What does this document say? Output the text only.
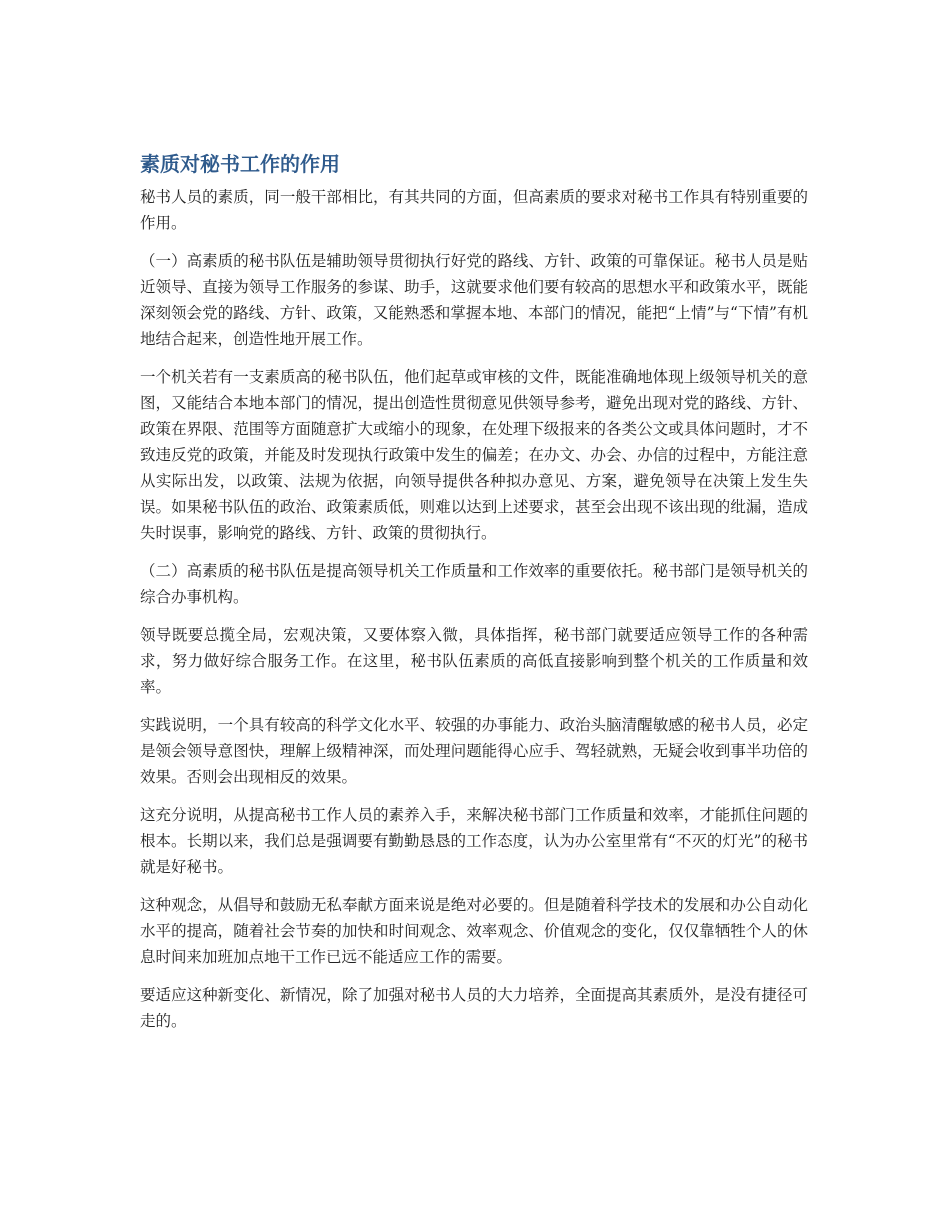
素质对秘书工作的作用

秘书人员的素质，同一般干部相比，有其共同的方面，但高素质的要求对秘书工作具有特别重要的作用。

（一）高素质的秘书队伍是辅助领导贯彻执行好党的路线、方针、政策的可靠保证。秘书人员是贴近领导、直接为领导工作服务的参谋、助手，这就要求他们要有较高的思想水平和政策水平，既能深刻领会党的路线、方针、政策，又能熟悉和掌握本地、本部门的情况，能把“上情”与“下情”有机地结合起来，创造性地开展工作。

一个机关若有一支素质高的秘书队伍，他们起草或审核的文件，既能准确地体现上级领导机关的意图，又能结合本地本部门的情况，提出创造性贯彻意见供领导参考，避免出现对党的路线、方针、政策在界限、范围等方面随意扩大或缩小的现象，在处理下级报来的各类公文或具体问题时，才不致违反党的政策，并能及时发现执行政策中发生的偏差；在办文、办会、办信的过程中，方能注意从实际出发，以政策、法规为依据，向领导提供各种拟办意见、方案，避免领导在决策上发生失误。如果秘书队伍的政治、政策素质低，则难以达到上述要求，甚至会出现不该出现的纰漏，造成失时误事，影响党的路线、方针、政策的贯彻执行。

（二）高素质的秘书队伍是提高领导机关工作质量和工作效率的重要依托。秘书部门是领导机关的综合办事机构。

领导既要总揽全局，宏观决策，又要体察入微，具体指挥，秘书部门就要适应领导工作的各种需求，努力做好综合服务工作。在这里，秘书队伍素质的高低直接影响到整个机关的工作质量和效率。

实践说明，一个具有较高的科学文化水平、较强的办事能力、政治头脑清醒敏感的秘书人员，必定是领会领导意图快，理解上级精神深，而处理问题能得心应手、驾轻就熟，无疑会收到事半功倍的效果。否则会出现相反的效果。

这充分说明，从提高秘书工作人员的素养入手，来解决秘书部门工作质量和效率，才能抓住问题的根本。长期以来，我们总是强调要有勤勤恳恳的工作态度，认为办公室里常有“不灭的灯光”的秘书就是好秘书。

这种观念，从倡导和鼓励无私奉献方面来说是绝对必要的。但是随着科学技术的发展和办公自动化水平的提高，随着社会节奏的加快和时间观念、效率观念、价值观念的变化，仅仅靠牺牲个人的休息时间来加班加点地干工作已远不能适应工作的需要。

要适应这种新变化、新情况，除了加强对秘书人员的大力培养，全面提高其素质外，是没有捷径可走的。
